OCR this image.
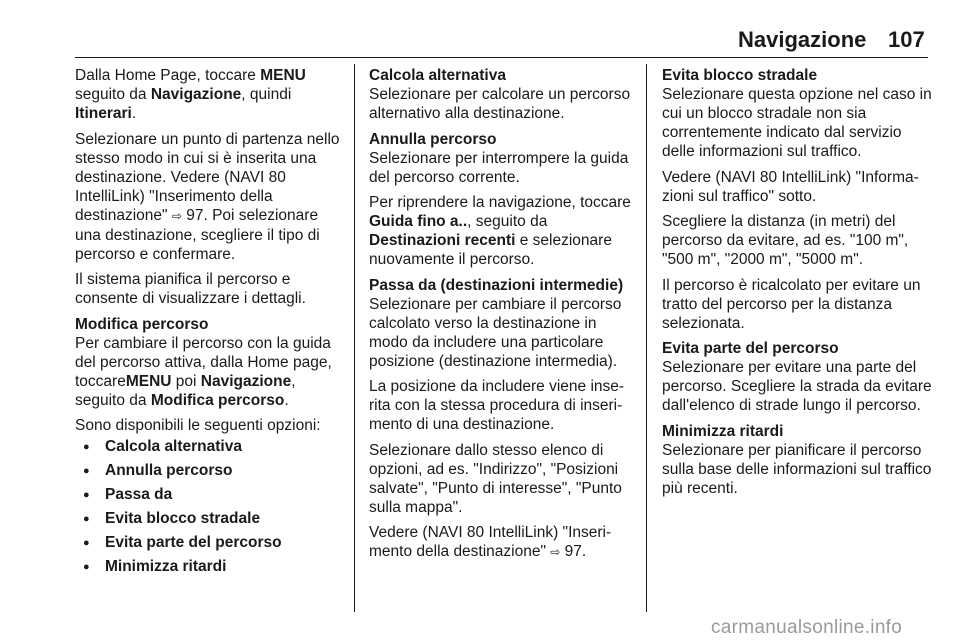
Navigazione 107

Dalla Home Page, toccare MENU seguito da Navigazione, quindi Itinerari.

Selezionare un punto di partenza nello stesso modo in cui si è inserita una destinazione. Vedere (NAVI 80 IntelliLink) "Inserimento della destinazione" ⇨ 97. Poi selezionare una destinazione, scegliere il tipo di percorso e confermare.

Il sistema pianifica il percorso e consente di visualizzare i dettagli.

Modifica percorso
Per cambiare il percorso con la guida del percorso attiva, dalla Home page, toccareMENU poi Navigazione, seguito da Modifica percorso.

Sono disponibili le seguenti opzioni:

● Calcola alternativa
● Annulla percorso
● Passa da
● Evita blocco stradale
● Evita parte del percorso
● Minimizza ritardi

Calcola alternativa
Selezionare per calcolare un percorso alternativo alla destinazione.

Annulla percorso
Selezionare per interrompere la guida del percorso corrente.

Per riprendere la navigazione, toccare Guida fino a.., seguito da Destinazioni recenti e selezionare nuovamente il percorso.

Passa da (destinazioni intermedie)
Selezionare per cambiare il percorso calcolato verso la destinazione in modo da includere una particolare posizione (destinazione intermedia).

La posizione da includere viene inserita con la stessa procedura di inserimento di una destinazione.

Selezionare dallo stesso elenco di opzioni, ad es. "Indirizzo", "Posizioni salvate", "Punto di interesse", "Punto sulla mappa".

Vedere (NAVI 80 IntelliLink) "Inserimento della destinazione" ⇨ 97.

Evita blocco stradale
Selezionare questa opzione nel caso in cui un blocco stradale non sia correntemente indicato dal servizio delle informazioni sul traffico.

Vedere (NAVI 80 IntelliLink) "Informazioni sul traffico" sotto.

Scegliere la distanza (in metri) del percorso da evitare, ad es. "100 m", "500 m", "2000 m", "5000 m".

Il percorso è ricalcolato per evitare un tratto del percorso per la distanza selezionata.

Evita parte del percorso
Selezionare per evitare una parte del percorso. Scegliere la strada da evitare dall'elenco di strade lungo il percorso.

Minimizza ritardi
Selezionare per pianificare il percorso sulla base delle informazioni sul traffico più recenti.

carmanualsonline.info
